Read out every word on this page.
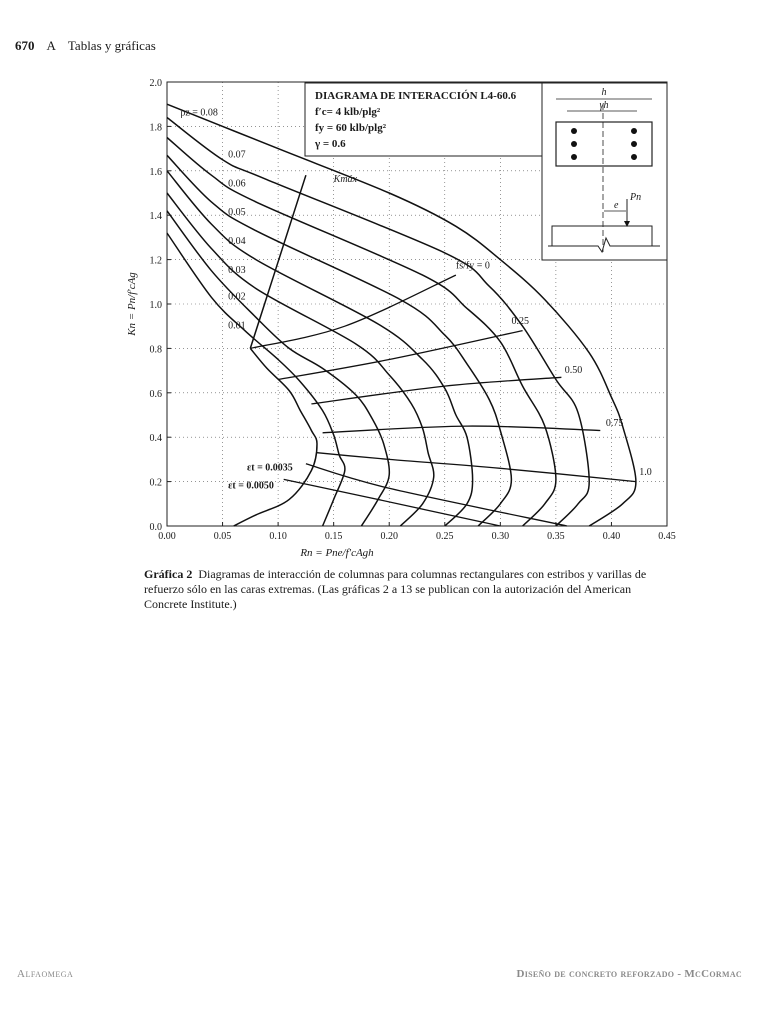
670 A Tablas y gráficas
0.00	0.05	0.10	0.15	0.20	0.25	0.30	0.35	0.40	0.45
0.0
0.2
0.4
0.6
0.8
1.0
1.2
1.4
1.6
1.8
2.0
Rn = Pne/f′cAgh
Kn = Pn/f′cAg
fs/fy = 0
0.25
0.50
0.75
1.0
Kmáx
εt = 0.0035
εt = 0.0050
ρz = 0.08
0.07
0.06
0.05
0.04
0.03
0.02
0.01
DIAGRAMA DE INTERACCIÓN L4-60.6
f′c= 4 klb/plg²
fy = 60 klb/plg²
γ = 0.6
h
γh
Pn
e
Gráfica 2 Diagramas de interacción de columnas para columnas rectangulares con estribos y varillas de refuerzo sólo en las caras extremas. (Las gráficas 2 a 13 se publican con la autorización del American Concrete Institute.)
Alfaomega	Diseño de concreto reforzado - McCormac
